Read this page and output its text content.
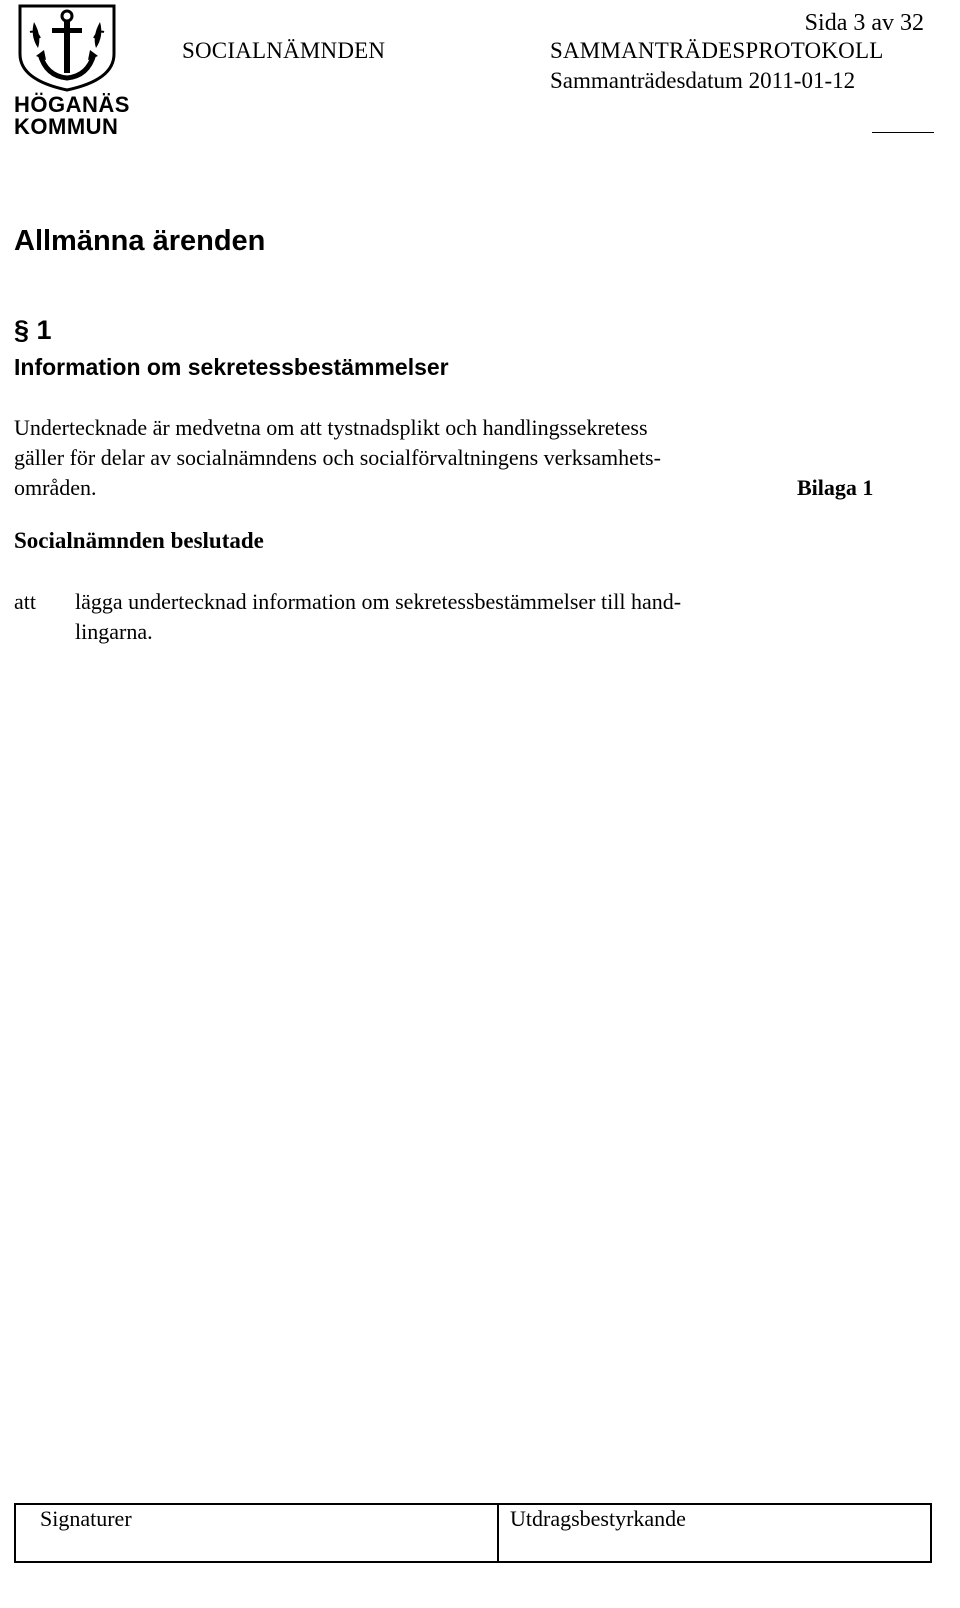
HÖGANÄS
KOMMUN
Sida 3 av 32
SOCIALNÄMNDEN	SAMMANTRÄDESPROTOKOLL
Sammanträdesdatum 2011-01-12
Allmänna ärenden
§ 1
Information om sekretessbestämmelser
Undertecknade är medvetna om att tystnadsplikt och handlingssekretess
gäller för delar av socialnämndens och socialförvaltningens verksamhets-
områden.	Bilaga 1
Socialnämnden beslutade
att lägga undertecknad information om sekretessbestämmelser till hand-
lingarna.
Signaturer	Utdragsbestyrkande
